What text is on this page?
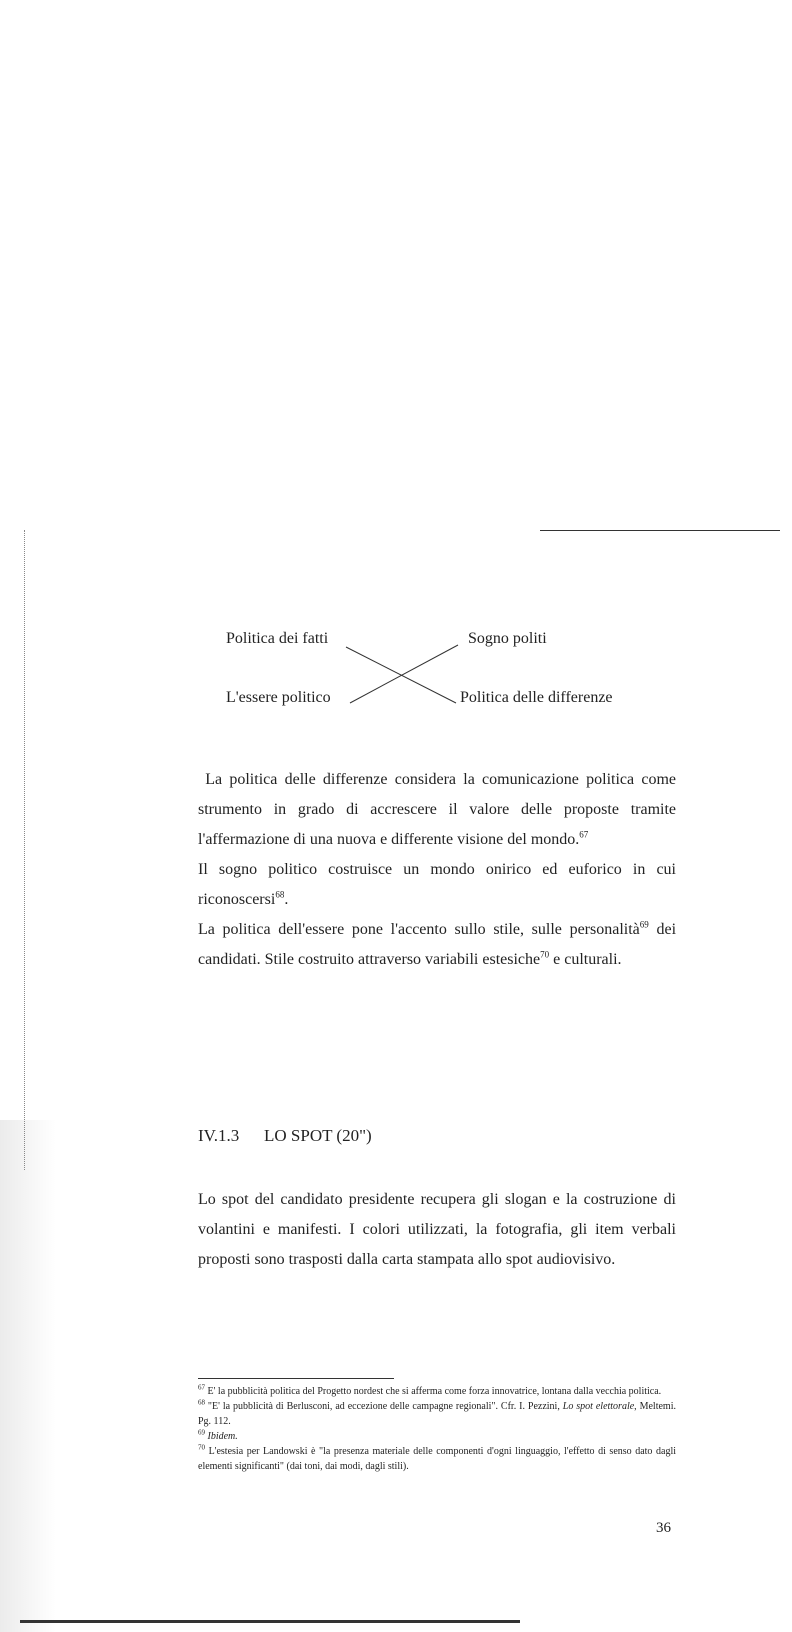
Politica dei fatti	Sogno politi
L'essere politico	Politica delle differenze

La politica delle differenze considera la comunicazione politica come strumento in grado di accrescere il valore delle proposte tramite l'affermazione di una nuova e differente visione del mondo.$^{67}$

Il sogno politico costruisce un mondo onirico ed euforico in cui riconoscersi$^{68}$.

La politica dell'essere pone l'accento sullo stile, sulle personalità$^{69}$ dei candidati. Stile costruito attraverso variabili estesiche$^{70}$ e culturali.

IV.1.3 LO SPOT (20")

Lo spot del candidato presidente recupera gli slogan e la costruzione di volantini e manifesti. I colori utilizzati, la fotografia, gli item verbali proposti sono trasposti dalla carta stampata allo spot audiovisivo.

$^{67}$ E' la pubblicità politica del Progetto nordest che si afferma come forza innovatrice, lontana dalla vecchia politica.

$^{68}$ "E' la pubblicità di Berlusconi, ad eccezione delle campagne regionali". Cfr. I. Pezzini, Lo spot elettorale, Meltemi. Pg. 112.

$^{69}$ Ibidem.

$^{70}$ L'estesia per Landowski è "la presenza materiale delle componenti d'ogni linguaggio, l'effetto di senso dato dagli elementi significanti" (dai toni, dai modi, dagli stili).

36
